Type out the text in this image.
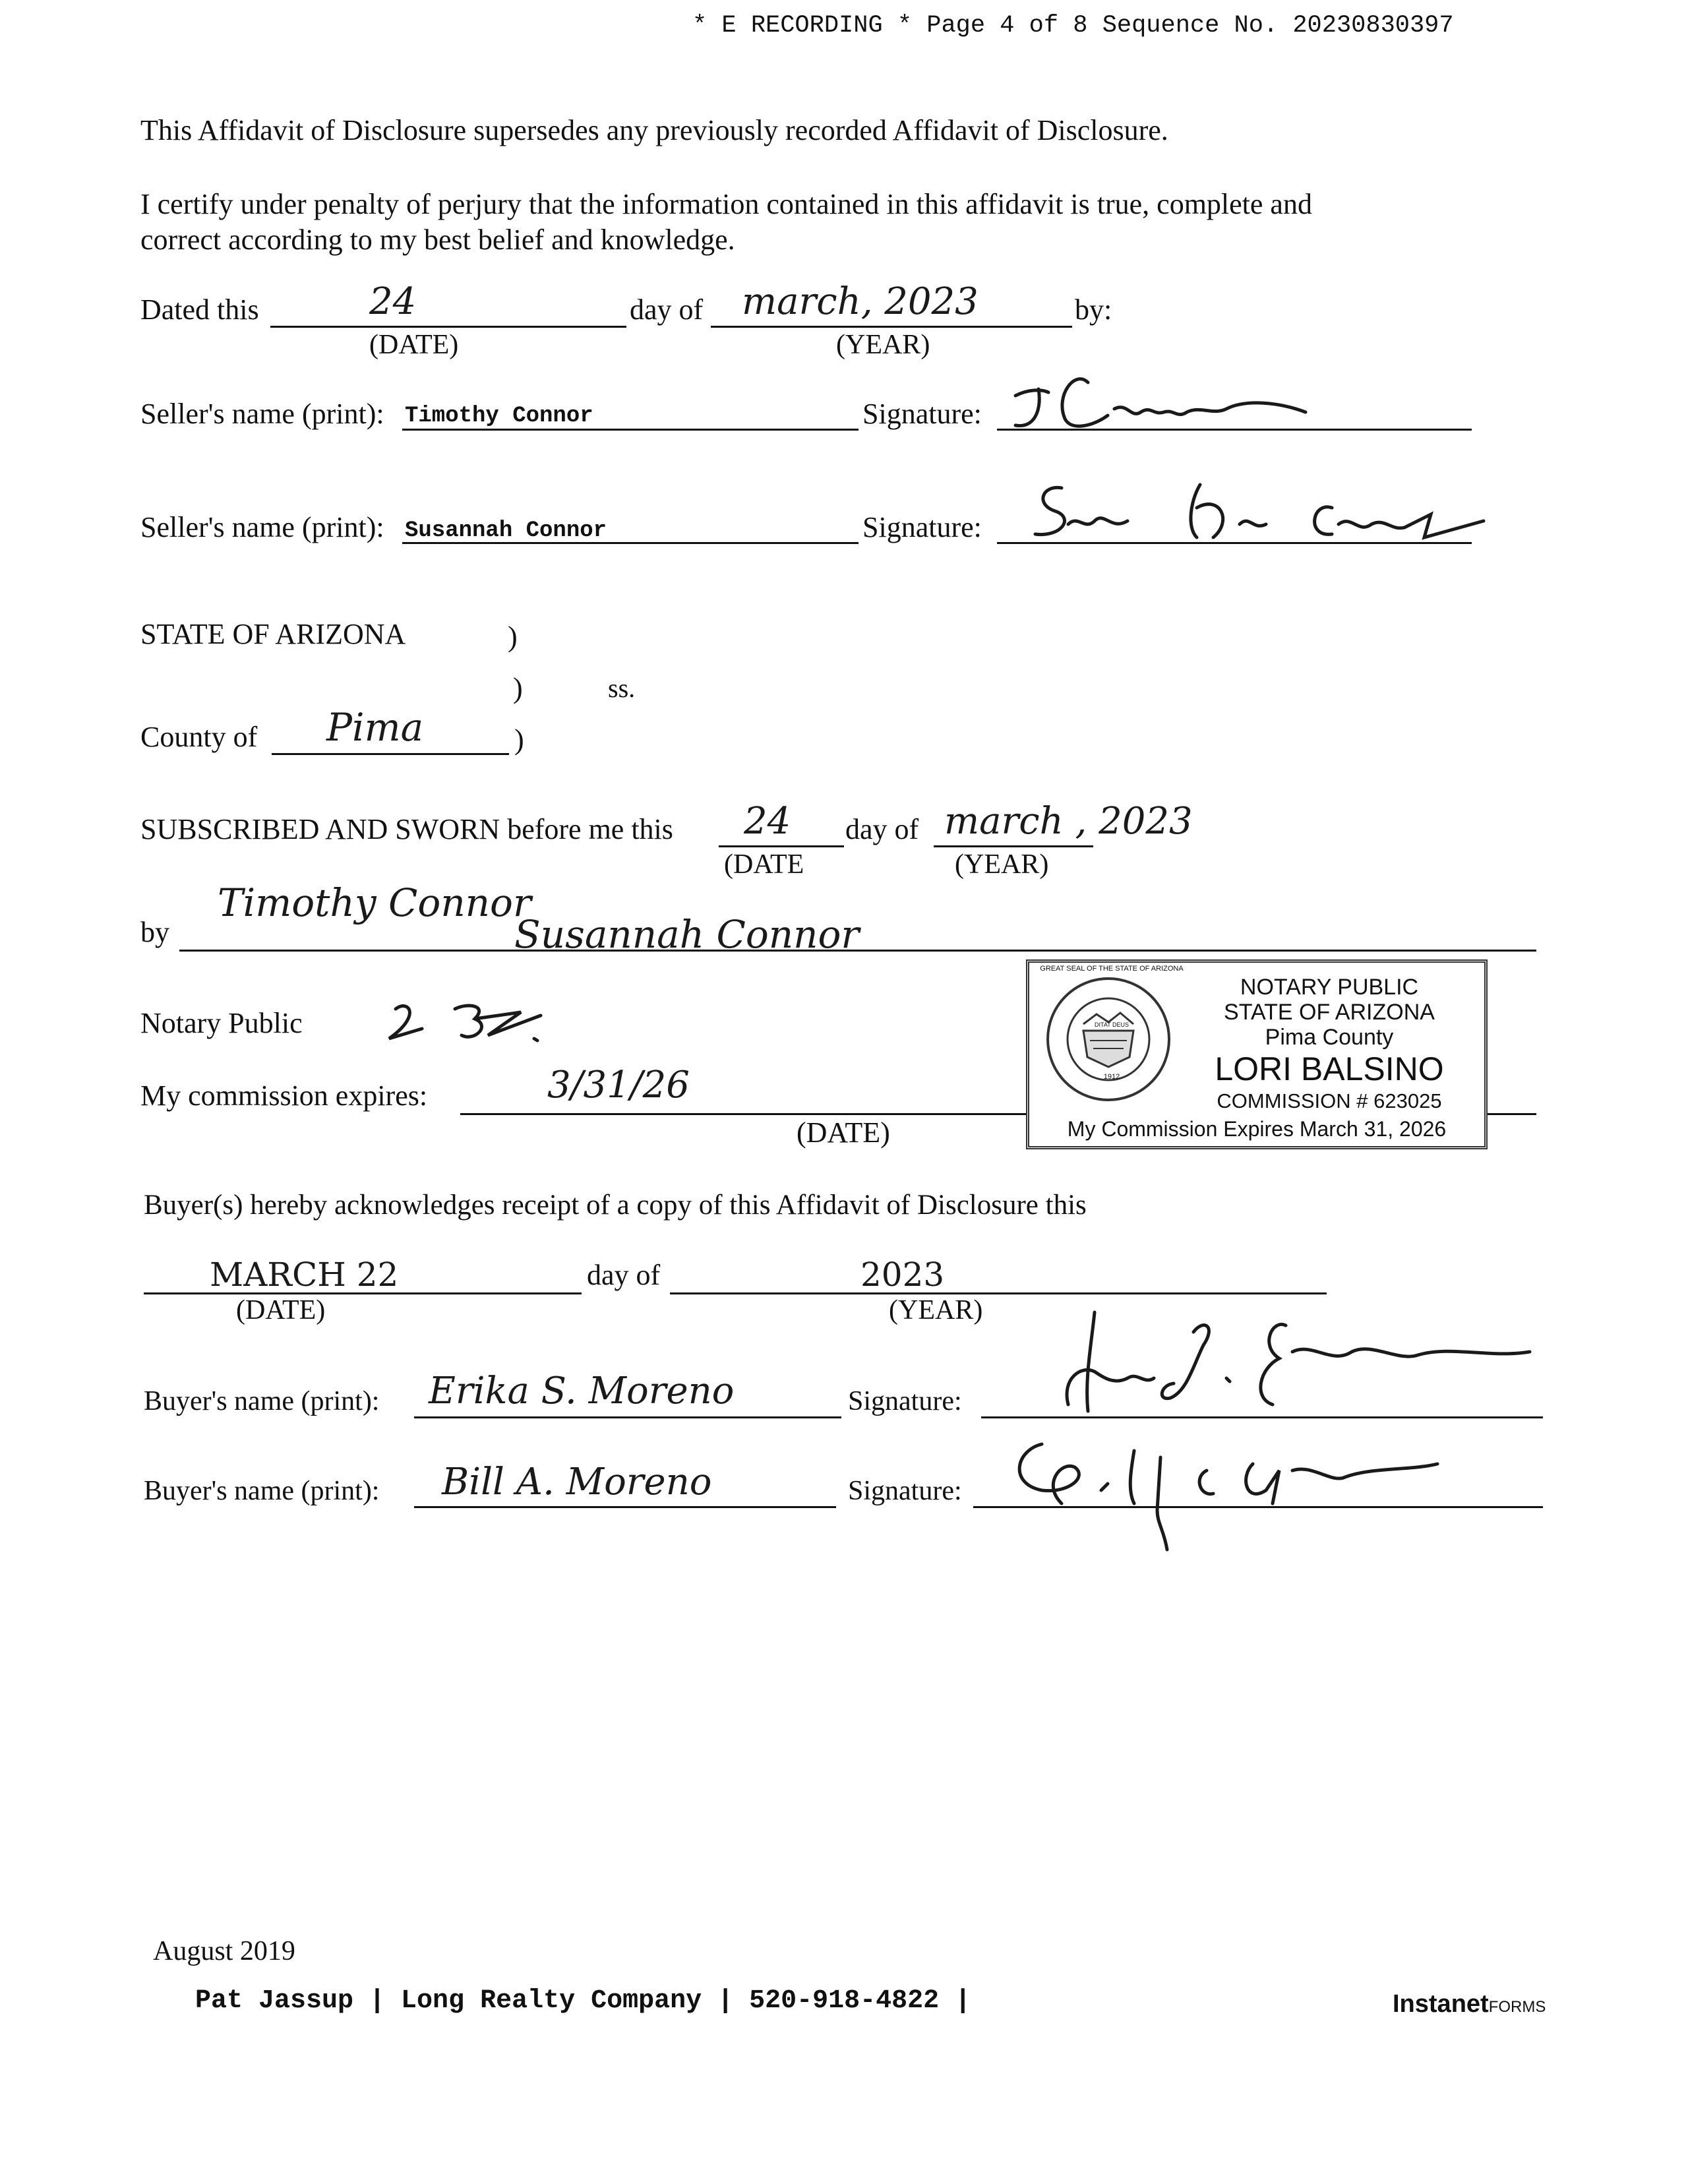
* E RECORDING * Page 4 of 8 Sequence No. 20230830397
This Affidavit of Disclosure supersedes any previously recorded Affidavit of Disclosure.
I certify under penalty of perjury that the information contained in this affidavit is true, complete and
correct according to my best belief and knowledge.
Dated this	24	day of march, 2023	by:
(DATE)	(YEAR)
Seller's name (print): Timothy Connor	Signature:
Seller's name (print): Susannah Connor	Signature:
STATE OF ARIZONA	)
)	ss.
County of Pima	)
SUBSCRIBED AND SWORN before me this 24 day of march , 2023
(DATE	(YEAR)
by
Timothy Connor
Susannah Connor
Notary Public
My commission expires:	3/31/26
(DATE)
1912
GREAT SEAL OF THE STATE OF ARIZONA
DITAT DEUS
NOTARY PUBLIC
STATE OF ARIZONA
Pima County
LORI BALSINO
COMMISSION # 623025
My Commission Expires March 31, 2026
Buyer(s) hereby acknowledges receipt of a copy of this Affidavit of Disclosure this
MARCH 22	day of	2023
(DATE)	(YEAR)
Buyer's name (print): Erika S. Moreno	Signature:
Buyer's name (print): Bill A. Moreno	Signature:
August 2019
Pat Jassup | Long Realty Company | 520-918-4822 |	InstanetFORMS
